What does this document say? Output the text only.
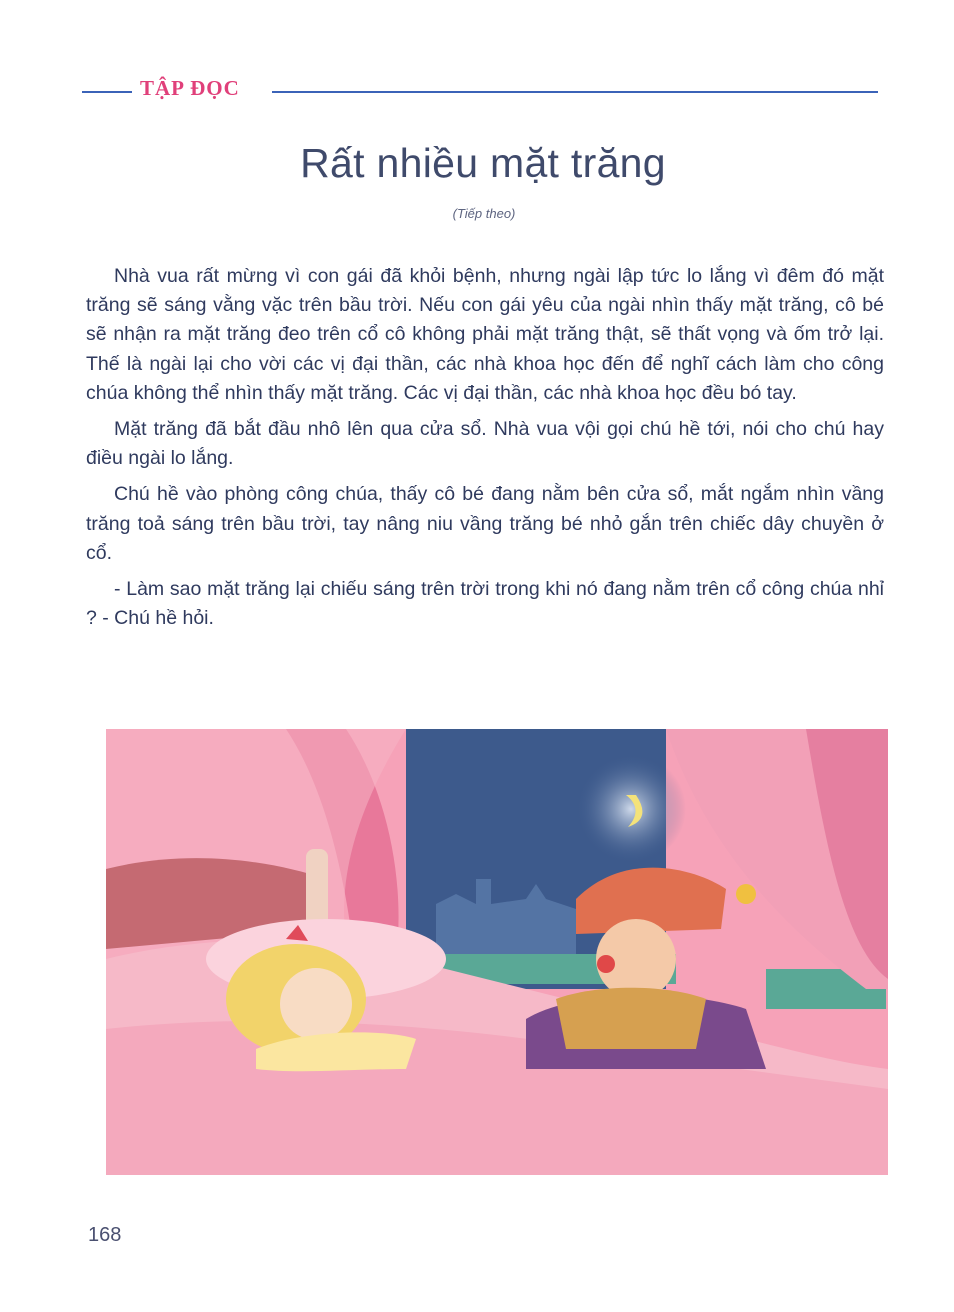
TẬP ĐỌC
Rất nhiều mặt trăng
(Tiếp theo)

Nhà vua rất mừng vì con gái đã khỏi bệnh, nhưng ngài lập tức lo lắng vì đêm đó mặt trăng sẽ sáng vằng vặc trên bầu trời. Nếu con gái yêu của ngài nhìn thấy mặt trăng, cô bé sẽ nhận ra mặt trăng đeo trên cổ cô không phải mặt trăng thật, sẽ thất vọng và ốm trở lại. Thế là ngài lại cho vời các vị đại thần, các nhà khoa học đến để nghĩ cách làm cho công chúa không thể nhìn thấy mặt trăng. Các vị đại thần, các nhà khoa học đều bó tay.

Mặt trăng đã bắt đầu nhô lên qua cửa sổ. Nhà vua vội gọi chú hề tới, nói cho chú hay điều ngài lo lắng.

Chú hề vào phòng công chúa, thấy cô bé đang nằm bên cửa sổ, mắt ngắm nhìn vầng trăng toả sáng trên bầu trời, tay nâng niu vầng trăng bé nhỏ gắn trên chiếc dây chuyền ở cổ.

- Làm sao mặt trăng lại chiếu sáng trên trời trong khi nó đang nằm trên cổ công chúa nhỉ ? - Chú hề hỏi.

168
